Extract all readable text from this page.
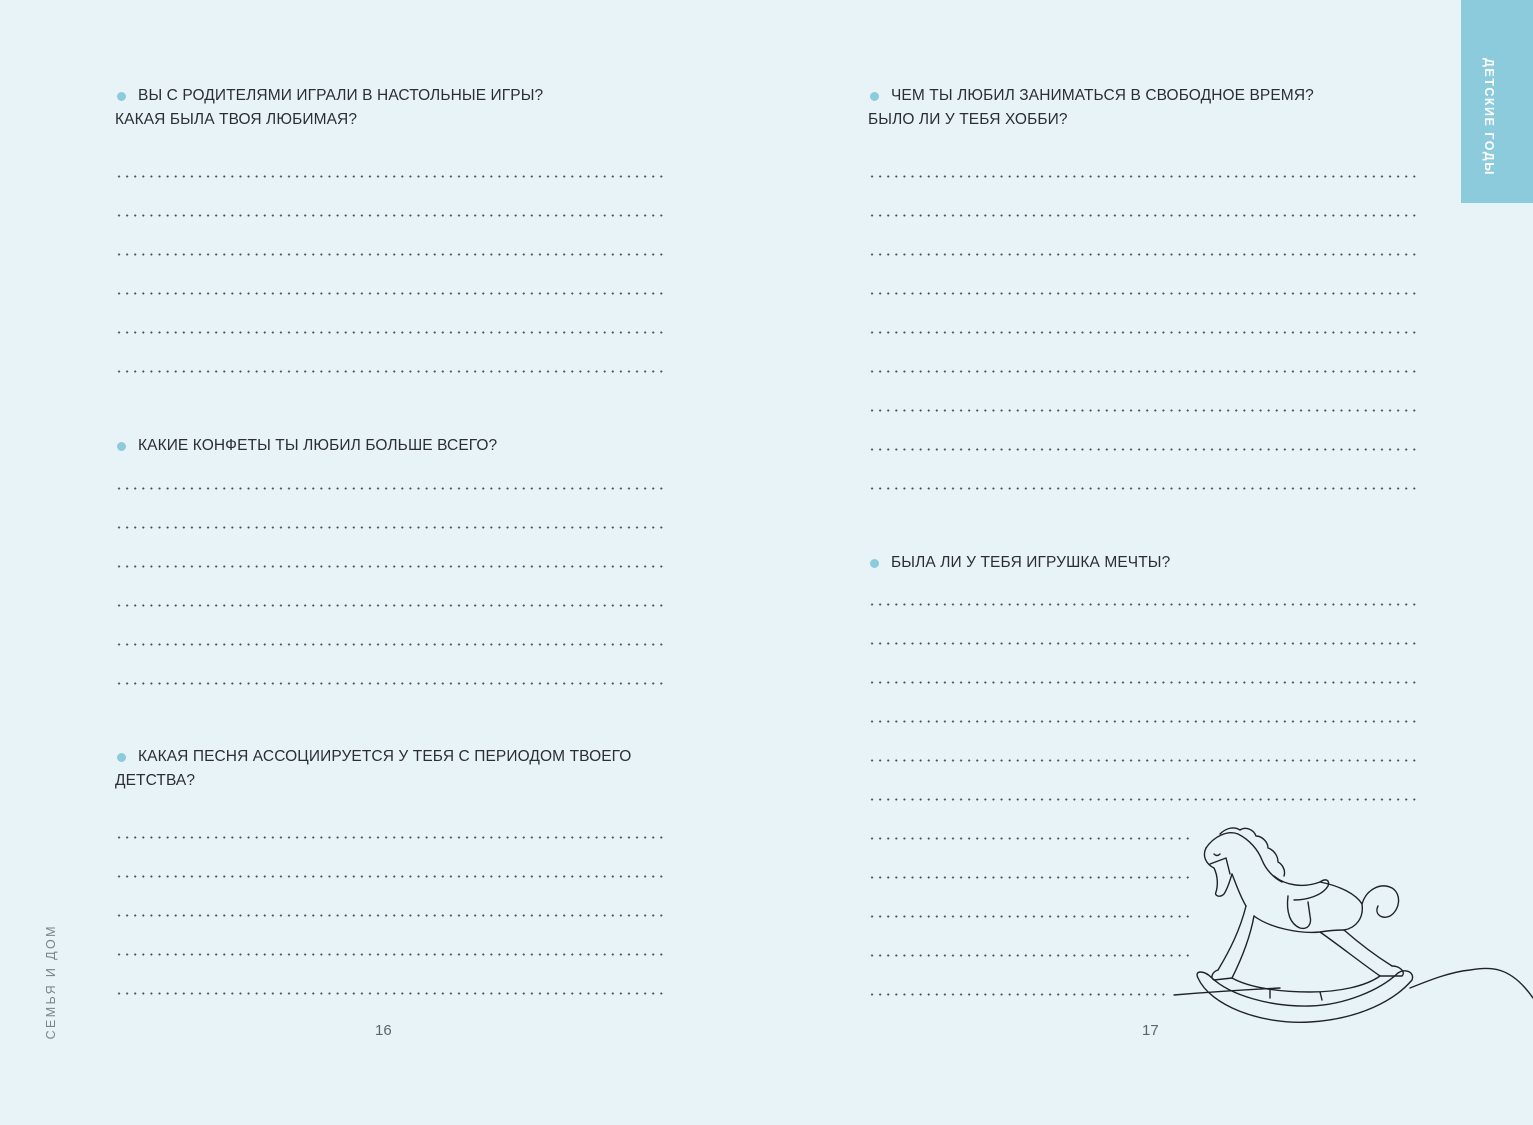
ВЫ С РОДИТЕЛЯМИ ИГРАЛИ В НАСТОЛЬНЫЕ ИГРЫ?
КАКАЯ БЫЛА ТВОЯ ЛЮБИМАЯ?
КАКИЕ КОНФЕТЫ ТЫ ЛЮБИЛ БОЛЬШЕ ВСЕГО?
КАКАЯ ПЕСНЯ АССОЦИИРУЕТСЯ У ТЕБЯ С ПЕРИОДОМ ТВОЕГО
ДЕТСТВА?
16
СЕМЬЯ И ДОМ
ЧЕМ ТЫ ЛЮБИЛ ЗАНИМАТЬСЯ В СВОБОДНОЕ ВРЕМЯ?
БЫЛО ЛИ У ТЕБЯ ХОББИ?
БЫЛА ЛИ У ТЕБЯ ИГРУШКА МЕЧТЫ?
17
ДЕТСКИЕ ГОДЫ
